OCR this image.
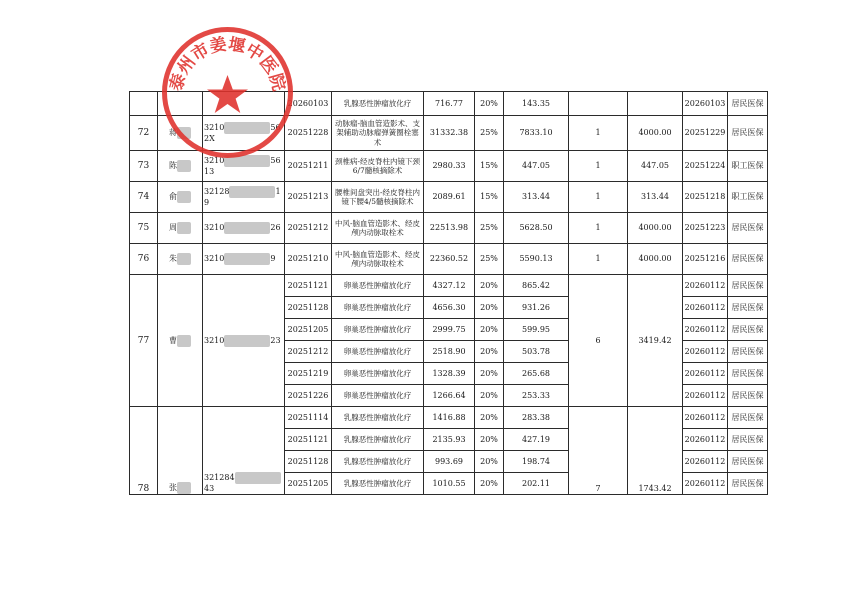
			20260103	乳腺恶性肿瘤放化疗	716.77	20%	143.35			20260103	居民医保
72	蒋	3210 562X	20251228	动脉瘤-脑血管造影术、支架辅助动脉瘤弹簧圈栓塞术	31332.38	25%	7833.10	1	4000.00	20251229	居民医保
73	陈	3210 5613	20251211	颈椎病-经皮脊柱内镜下颈6/7髓核摘除术	2980.33	15%	447.05	1	447.05	20251224	职工医保
74	俞	32128 19	20251213	腰椎间盘突出-经皮脊柱内镜下腰4/5髓核摘除术	2089.61	15%	313.44	1	313.44	20251218	职工医保
75	周	3210 26	20251212	中风-脑血管造影术、经皮颅内动脉取栓术	22513.98	25%	5628.50	1	4000.00	20251223	居民医保
76	朱	3210 9	20251210	中风-脑血管造影术、经皮颅内动脉取栓术	22360.52	25%	5590.13	1	4000.00	20251216	居民医保
77	曹	3210 23	20251121	卵巢恶性肿瘤放化疗	4327.12	20%	865.42	6	3419.42	20260112	居民医保
			20251128	卵巢恶性肿瘤放化疗	4656.30	20%	931.26			20260112	居民医保
			20251205	卵巢恶性肿瘤放化疗	2999.75	20%	599.95			20260112	居民医保
			20251212	卵巢恶性肿瘤放化疗	2518.90	20%	503.78			20260112	居民医保
			20251219	卵巢恶性肿瘤放化疗	1328.39	20%	265.68			20260112	居民医保
			20251226	卵巢恶性肿瘤放化疗	1266.64	20%	253.33			20260112	居民医保
78	张	32128443	20251114	乳腺恶性肿瘤放化疗	1416.88	20%	283.38	7	1743.42	20260112	居民医保
			20251121	乳腺恶性肿瘤放化疗	2135.93	20%	427.19			20260112	居民医保
			20251128	乳腺恶性肿瘤放化疗	993.69	20%	198.74			20260112	居民医保
			20251205	乳腺恶性肿瘤放化疗	1010.55	20%	202.11			20260112	居民医保
泰州市姜堰中医院
